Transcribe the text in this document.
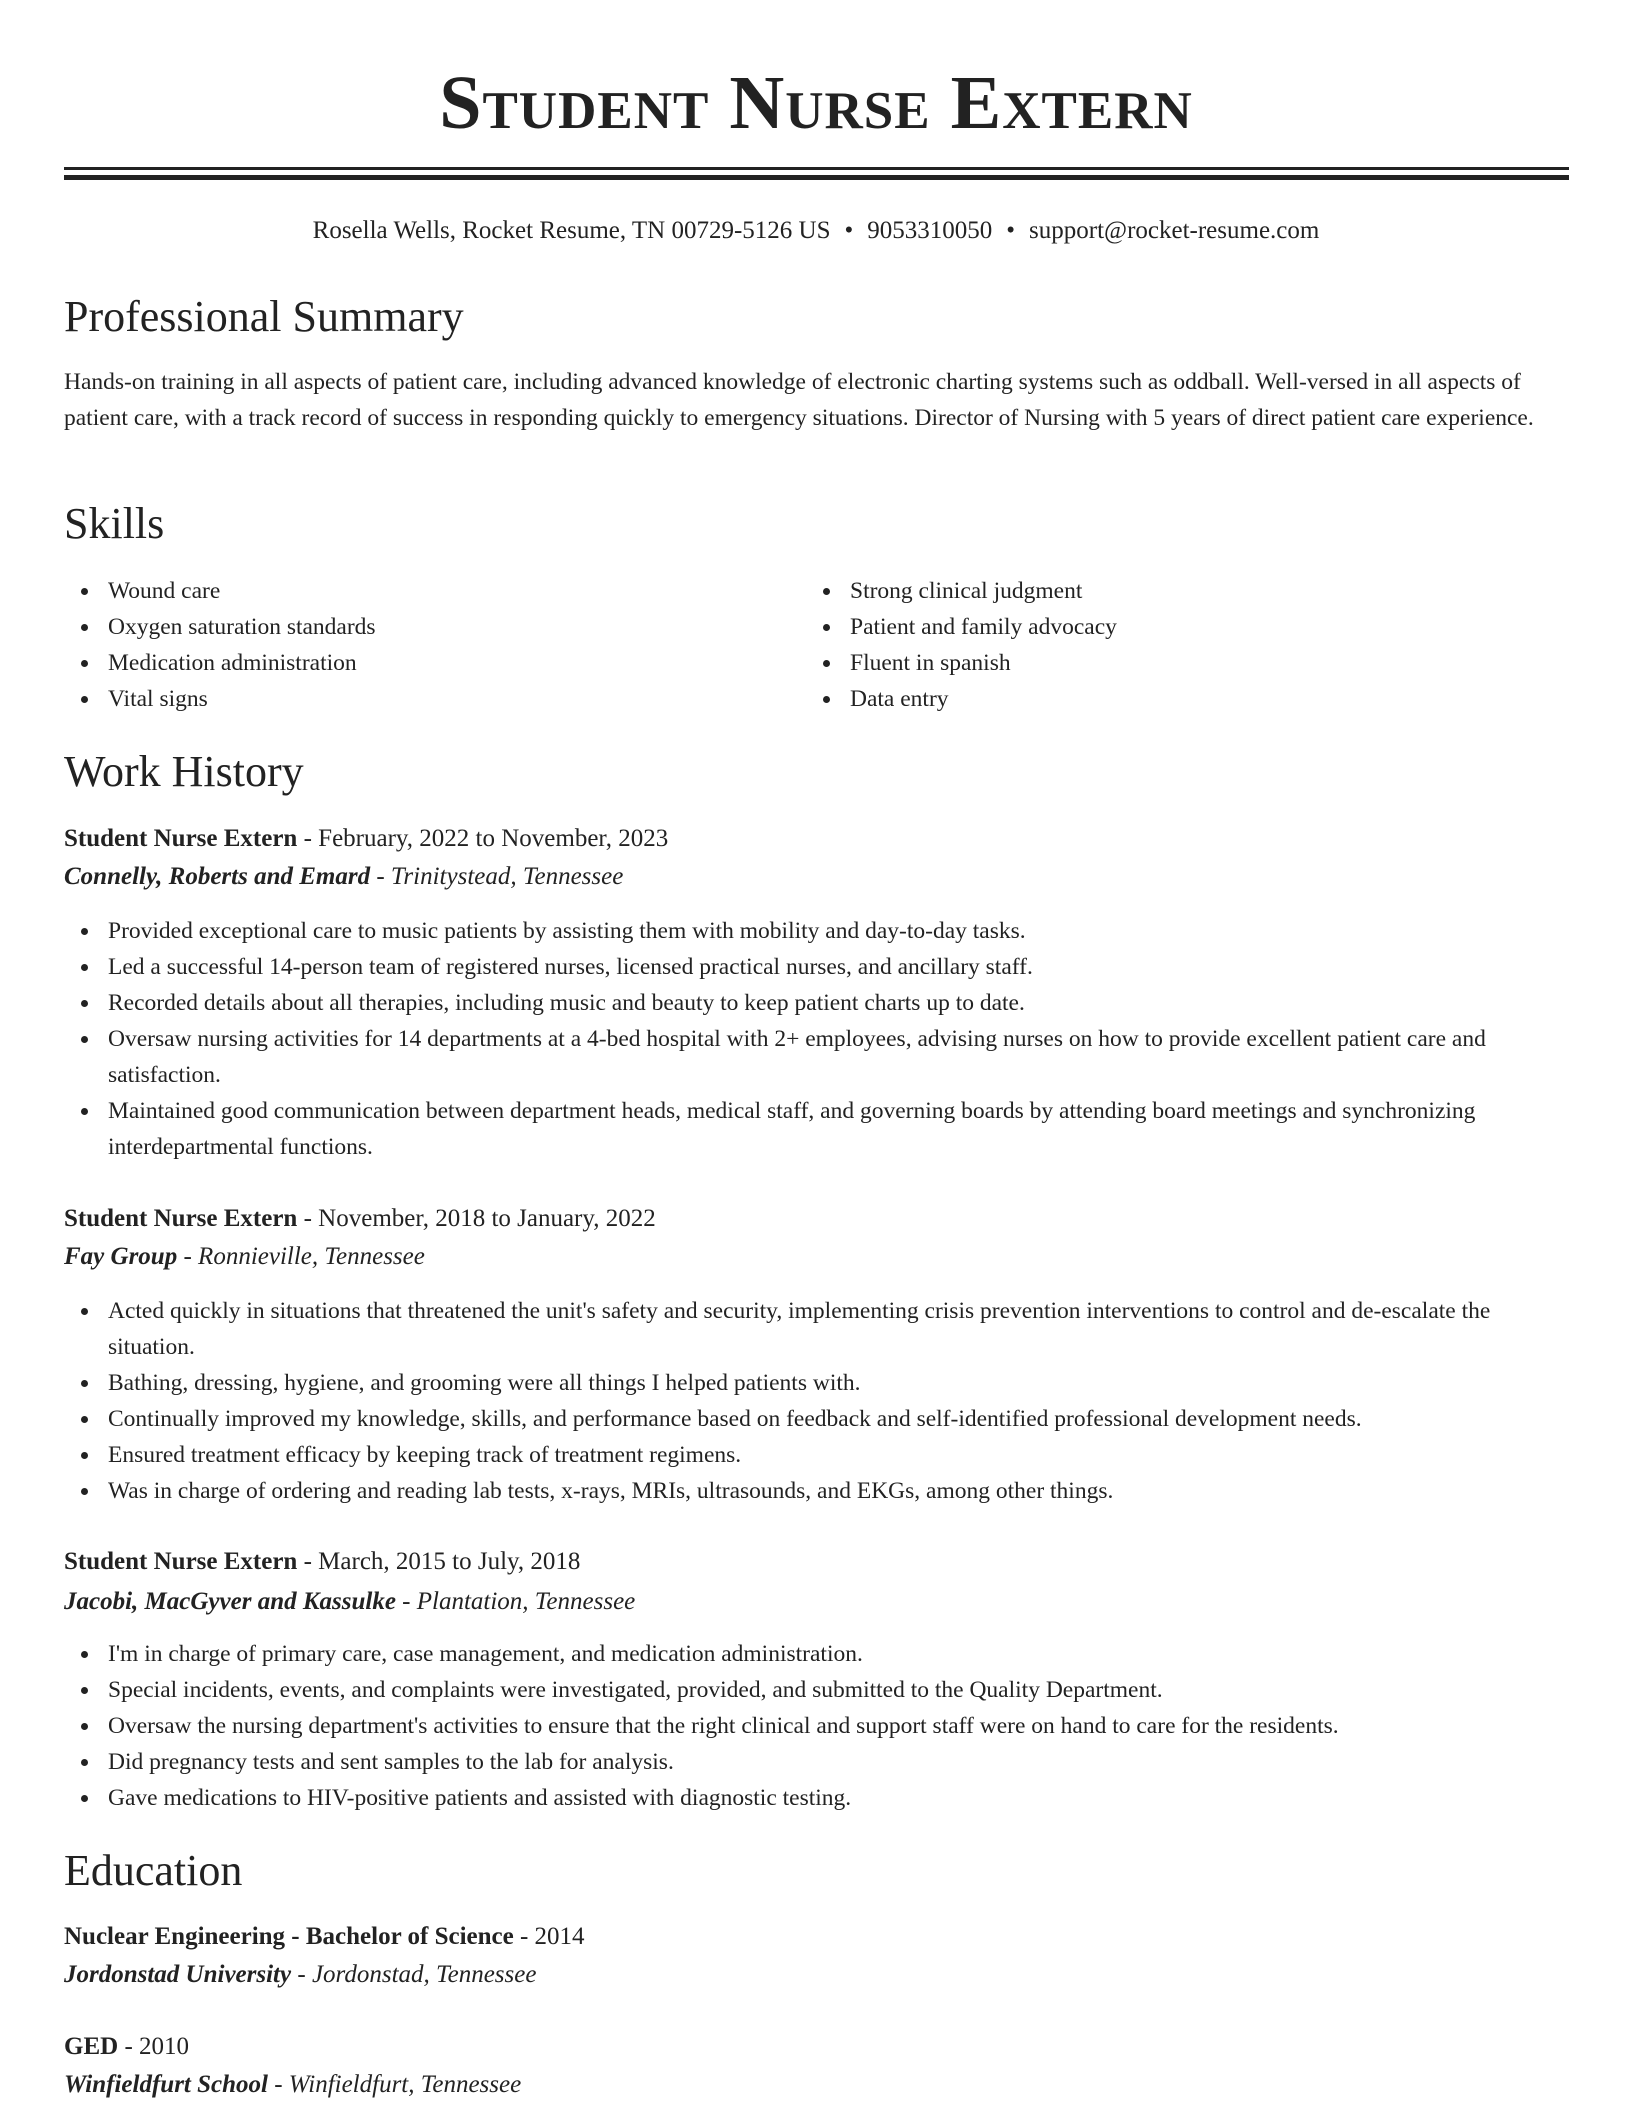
Student Nurse Extern
Rosella Wells, Rocket Resume, TN 00729-5126 US • 9053310050 • support@rocket-resume.com
Professional Summary

Hands-on training in all aspects of patient care, including advanced knowledge of electronic charting systems such as oddball. Well-versed in all aspects of patient care, with a track record of success in responding quickly to emergency situations. Director of Nursing with 5 years of direct patient care experience.

Skills
Wound care
Oxygen saturation standards
Medication administration
Vital signs
Strong clinical judgment
Patient and family advocacy
Fluent in spanish
Data entry
Work History
Student Nurse Extern - February, 2022 to November, 2023
Connelly, Roberts and Emard - Trinitystead, Tennessee
Provided exceptional care to music patients by assisting them with mobility and day-to-day tasks.
Led a successful 14-person team of registered nurses, licensed practical nurses, and ancillary staff.
Recorded details about all therapies, including music and beauty to keep patient charts up to date.
Oversaw nursing activities for 14 departments at a 4-bed hospital with 2+ employees, advising nurses on how to provide excellent patient care and satisfaction.
Maintained good communication between department heads, medical staff, and governing boards by attending board meetings and synchronizing interdepartmental functions.
Student Nurse Extern - November, 2018 to January, 2022
Fay Group - Ronnieville, Tennessee
Acted quickly in situations that threatened the unit's safety and security, implementing crisis prevention interventions to control and de-escalate the situation.
Bathing, dressing, hygiene, and grooming were all things I helped patients with.
Continually improved my knowledge, skills, and performance based on feedback and self-identified professional development needs.
Ensured treatment efficacy by keeping track of treatment regimens.
Was in charge of ordering and reading lab tests, x-rays, MRIs, ultrasounds, and EKGs, among other things.
Student Nurse Extern - March, 2015 to July, 2018
Jacobi, MacGyver and Kassulke - Plantation, Tennessee
I'm in charge of primary care, case management, and medication administration.
Special incidents, events, and complaints were investigated, provided, and submitted to the Quality Department.
Oversaw the nursing department's activities to ensure that the right clinical and support staff were on hand to care for the residents.
Did pregnancy tests and sent samples to the lab for analysis.
Gave medications to HIV-positive patients and assisted with diagnostic testing.
Education
Nuclear Engineering - Bachelor of Science - 2014
Jordonstad University - Jordonstad, Tennessee
GED - 2010
Winfieldfurt School - Winfieldfurt, Tennessee
